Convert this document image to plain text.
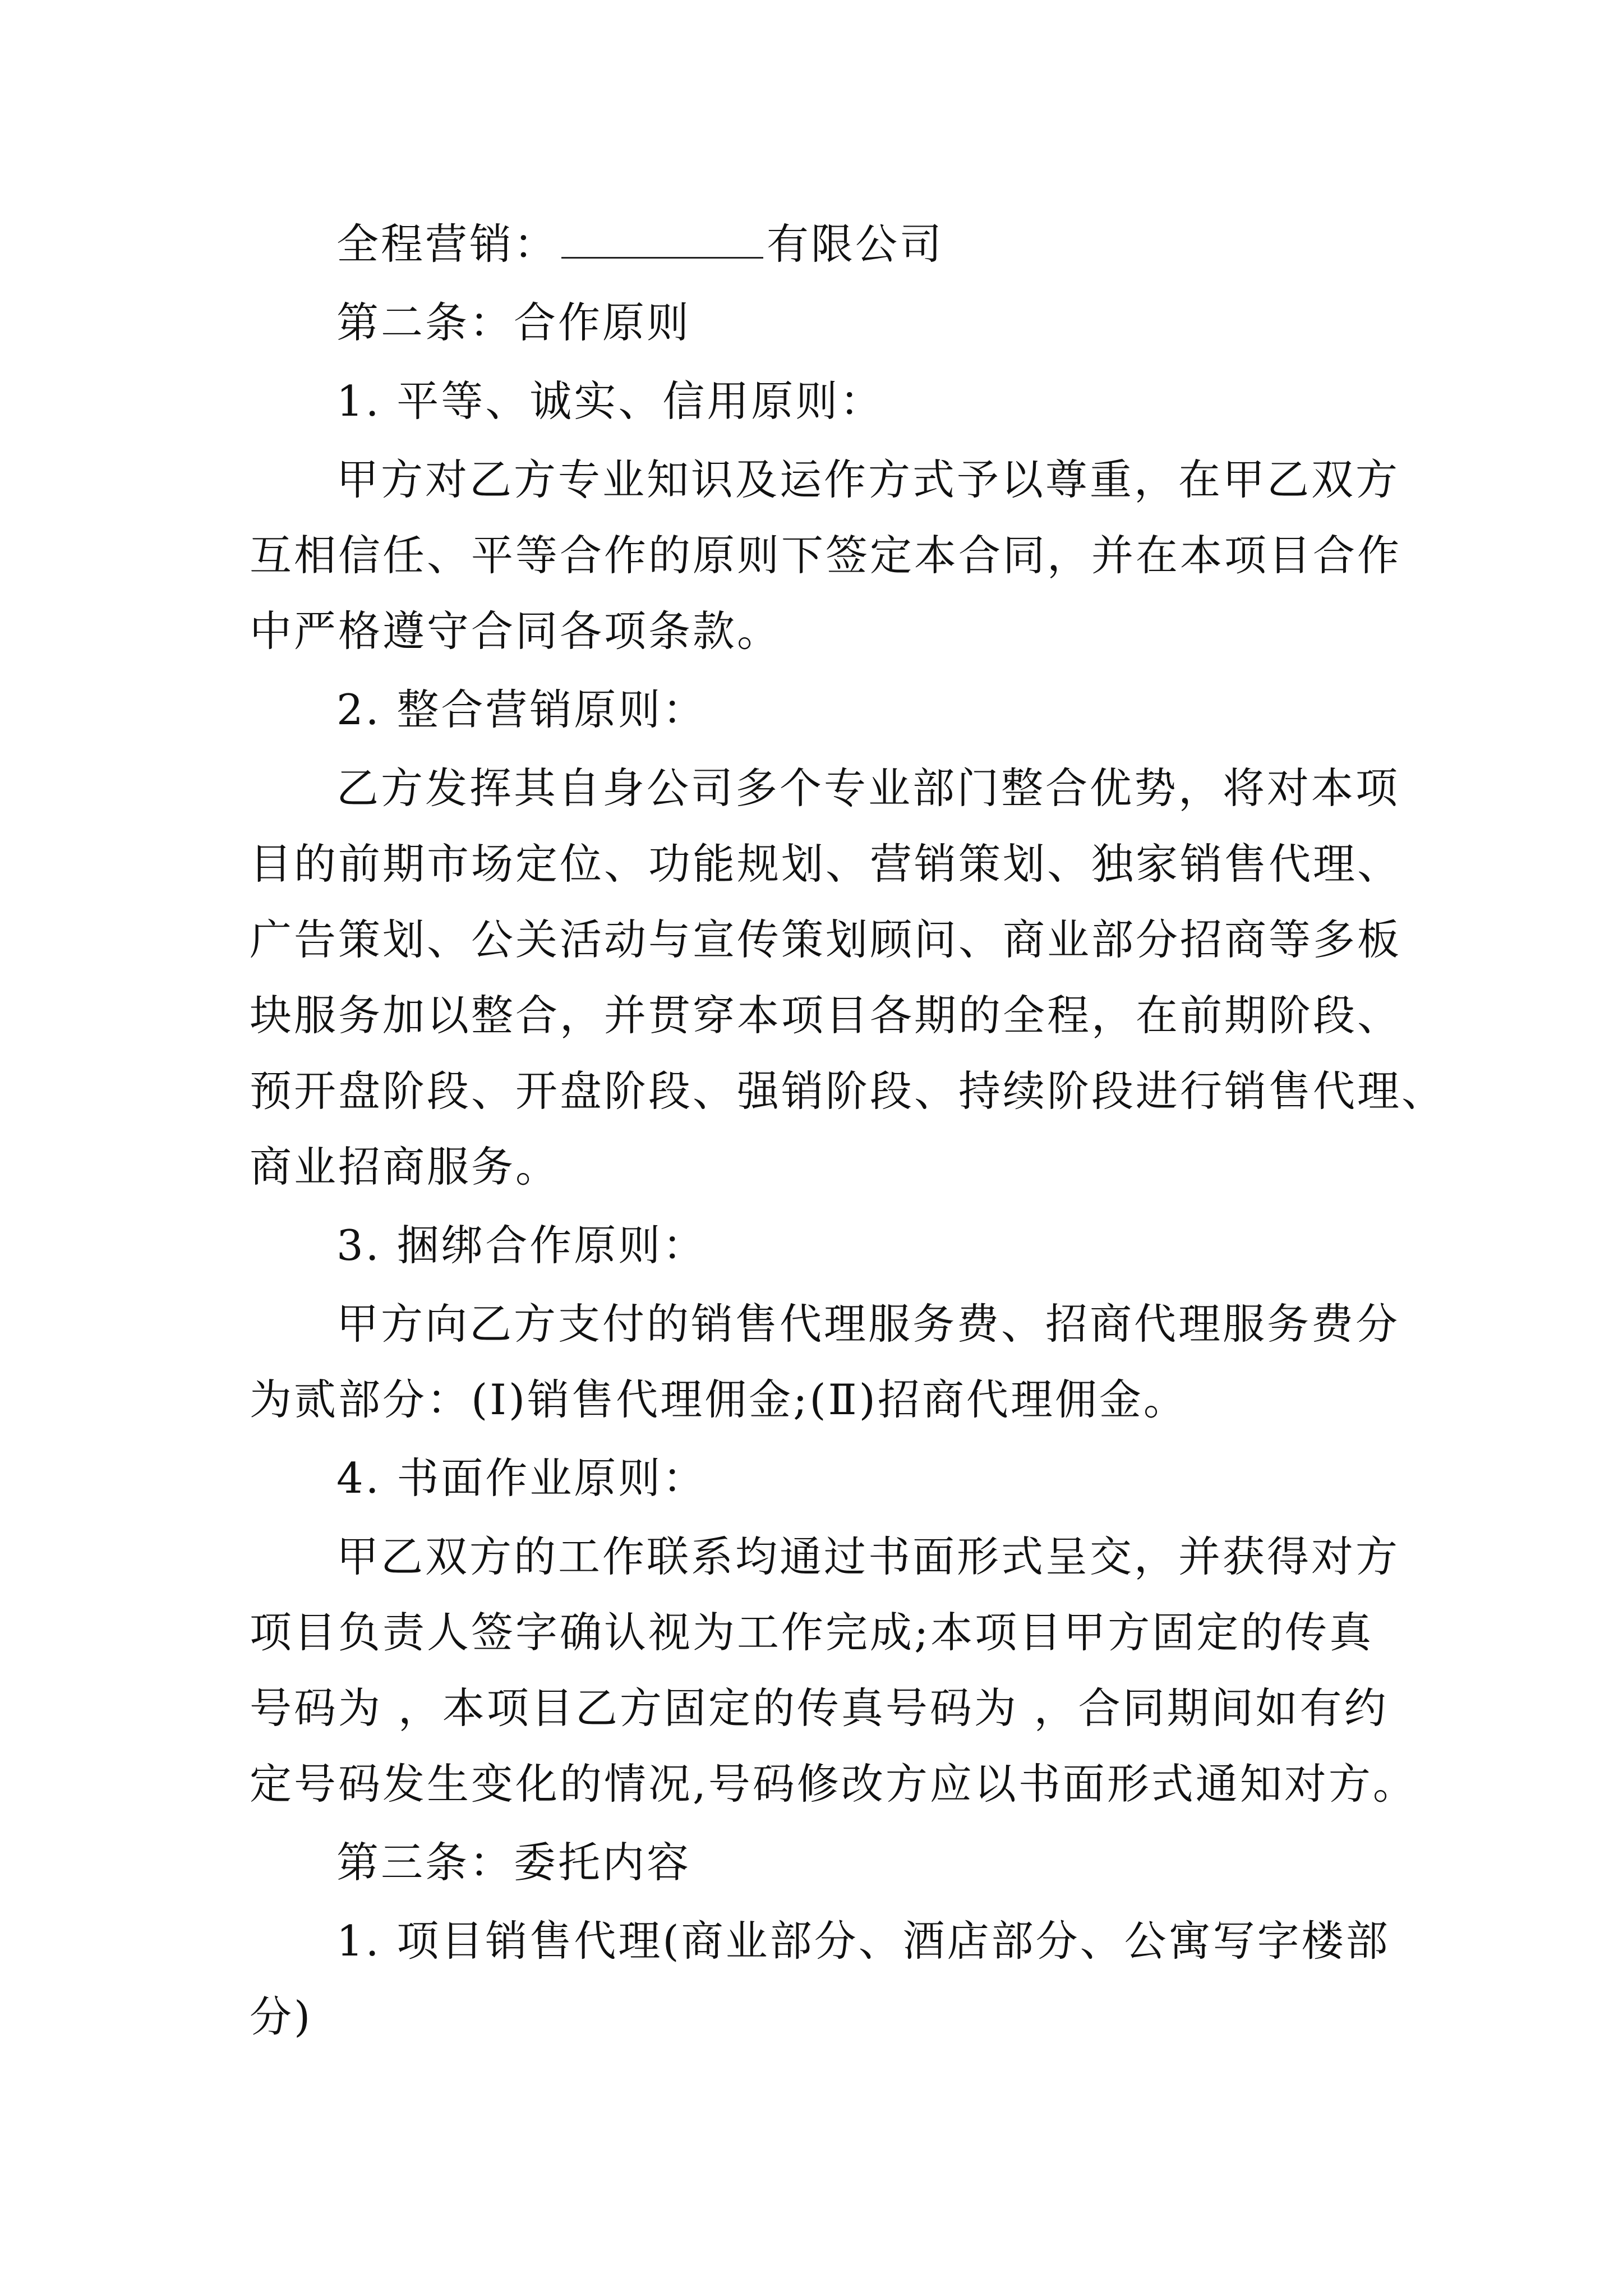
全程营销：	有限公司
第二条：合作原则
1. 平等、诚实、信用原则：
甲方对乙方专业知识及运作方式予以尊重，在甲乙双方
互相信任、平等合作的原则下签定本合同，并在本项目合作
中严格遵守合同各项条款。
2. 整合营销原则：
乙方发挥其自身公司多个专业部门整合优势，将对本项
目的前期市场定位、功能规划、营销策划、独家销售代理、
广告策划、公关活动与宣传策划顾问、商业部分招商等多板
块服务加以整合，并贯穿本项目各期的全程，在前期阶段、
预开盘阶段、开盘阶段、强销阶段、持续阶段进行销售代理、
商业招商服务。
3. 捆绑合作原则：
甲方向乙方支付的销售代理服务费、招商代理服务费分
为贰部分：(Ⅰ)销售代理佣金;(Ⅱ)招商代理佣金。
4. 书面作业原则：
甲乙双方的工作联系均通过书面形式呈交，并获得对方
项目负责人签字确认视为工作完成;本项目甲方固定的传真
号码为 ，本项目乙方固定的传真号码为 ，合同期间如有约
定号码发生变化的情况,号码修改方应以书面形式通知对方。
第三条：委托内容
1. 项目销售代理(商业部分、酒店部分、公寓写字楼部
分)
